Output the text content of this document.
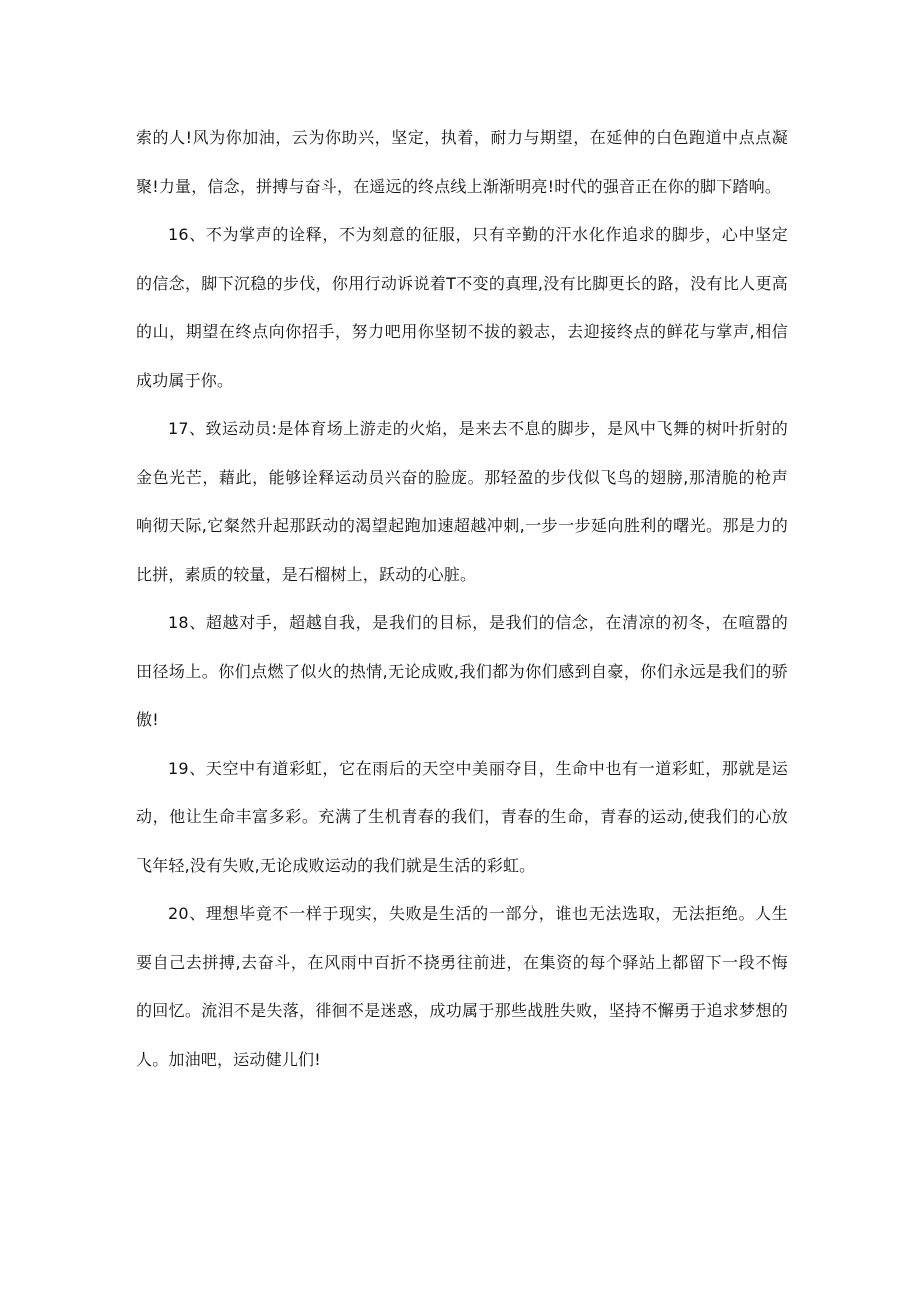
索的人!风为你加油，云为你助兴，坚定，执着，耐力与期望，在延伸的白色跑道中点点凝聚!力量，信念，拼搏与奋斗，在遥远的终点线上渐渐明亮!时代的强音正在你的脚下踏响。

16、不为掌声的诠释，不为刻意的征服，只有辛勤的汗水化作追求的脚步，心中坚定的信念，脚下沉稳的步伐，你用行动诉说着T不变的真理,没有比脚更长的路，没有比人更高的山，期望在终点向你招手，努力吧用你坚韧不拔的毅志，去迎接终点的鲜花与掌声,相信成功属于你。

17、致运动员:是体育场上游走的火焰，是来去不息的脚步，是风中飞舞的树叶折射的金色光芒，藉此，能够诠释运动员兴奋的脸庞。那轻盈的步伐似飞鸟的翅膀,那清脆的枪声响彻天际,它粲然升起那跃动的渴望起跑加速超越冲刺,一步一步延向胜利的曙光。那是力的比拼，素质的较量，是石榴树上，跃动的心脏。

18、超越对手，超越自我，是我们的目标，是我们的信念，在清凉的初冬，在喧嚣的田径场上。你们点燃了似火的热情,无论成败,我们都为你们感到自豪，你们永远是我们的骄傲!

19、天空中有道彩虹，它在雨后的天空中美丽夺目，生命中也有一道彩虹，那就是运动，他让生命丰富多彩。充满了生机青春的我们，青春的生命，青春的运动,使我们的心放飞年轻,没有失败,无论成败运动的我们就是生活的彩虹。

20、理想毕竟不一样于现实，失败是生活的一部分，谁也无法选取，无法拒绝。人生要自己去拼搏,去奋斗，在风雨中百折不挠勇往前进，在集资的每个驿站上都留下一段不悔的回忆。流泪不是失落，徘徊不是迷惑，成功属于那些战胜失败，坚持不懈勇于追求梦想的人。加油吧，运动健儿们!
